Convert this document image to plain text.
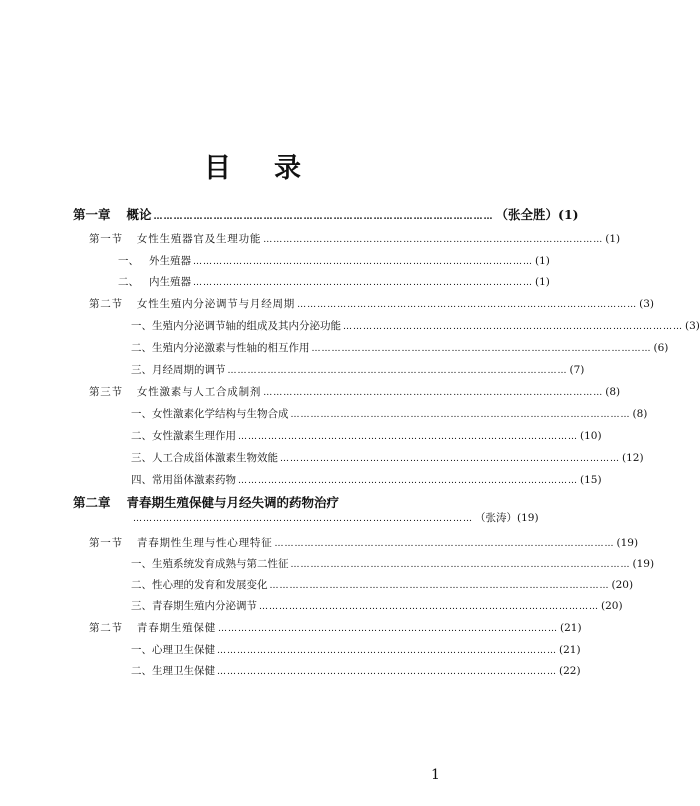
目 录
第一章 概论 ………………………………………………………………………………………… （张全胜）(1)
第一节 女性生殖器官及生理功能 ………………………………………………………………………………………… (1)
一、 外生殖器 ………………………………………………………………………………………… (1)
二、 内生殖器 ………………………………………………………………………………………… (1)
第二节 女性生殖内分泌调节与月经周期 ………………………………………………………………………………………… (3)
一、生殖内分泌调节轴的组成及其内分泌功能 ………………………………………………………………………………………… (3)
二、生殖内分泌激素与性轴的相互作用 ………………………………………………………………………………………… (6)
三、月经周期的调节 ………………………………………………………………………………………… (7)
第三节 女性激素与人工合成制剂 ………………………………………………………………………………………… (8)
一、女性激素化学结构与生物合成 ………………………………………………………………………………………… (8)
二、女性激素生理作用 ………………………………………………………………………………………… (10)
三、人工合成甾体激素生物效能 ………………………………………………………………………………………… (12)
四、常用甾体激素药物 ………………………………………………………………………………………… (15)
第二章 青春期生殖保健与月经失调的药物治疗
………………………………………………………………………………………… （张涛）(19)
第一节 青春期性生理与性心理特征 ………………………………………………………………………………………… (19)
一、生殖系统发育成熟与第二性征 ………………………………………………………………………………………… (19)
二、性心理的发育和发展变化 ………………………………………………………………………………………… (20)
三、青春期生殖内分泌调节 ………………………………………………………………………………………… (20)
第二节 青春期生殖保健 ………………………………………………………………………………………… (21)
一、心理卫生保健 ………………………………………………………………………………………… (21)
二、生理卫生保健 ………………………………………………………………………………………… (22)
1
